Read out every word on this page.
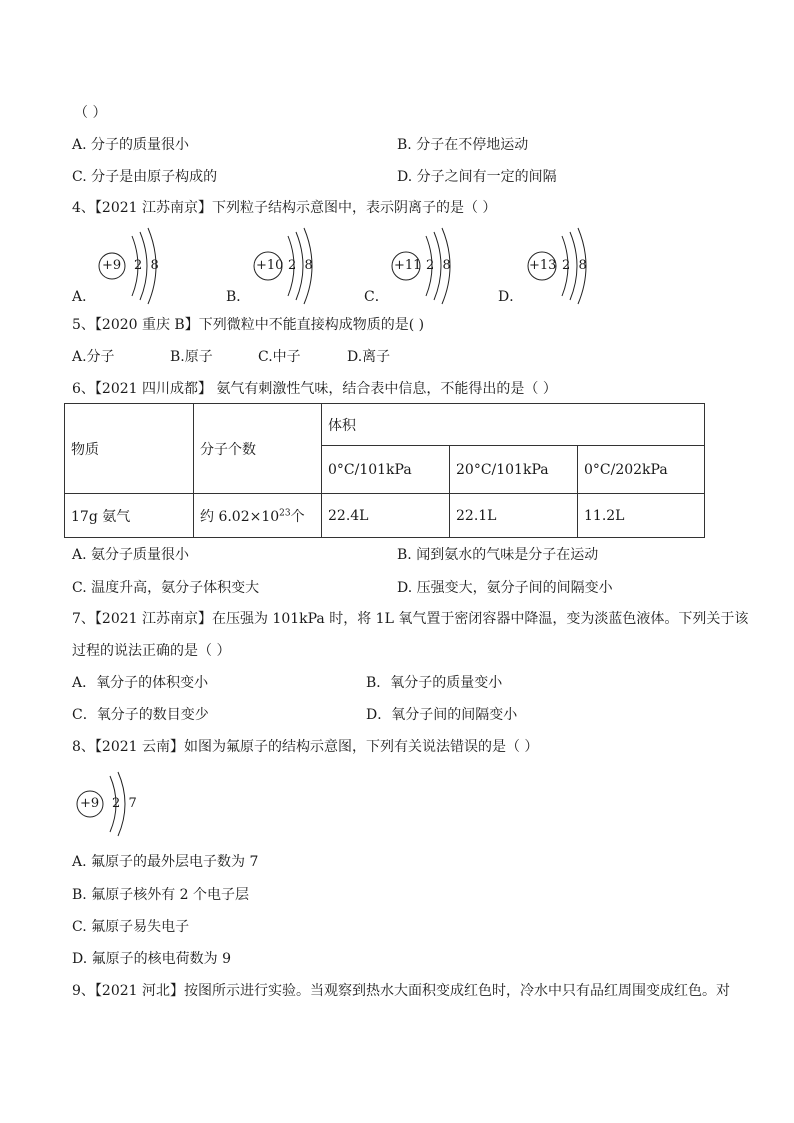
（ ）
A. 分子的质量很小	B. 分子在不停地运动
C. 分子是由原子构成的	D. 分子之间有一定的间隔
4、【2021 江苏南京】下列粒子结构示意图中，表示阴离子的是（ ）
+9 2  8
A．
+10 2  8
B．
+11 2  8
C．
+13 2  8
D．
5、【2020 重庆 B】下列微粒中不能直接构成物质的是( )
A.分子	B.原子	C.中子	D.离子
6、【2021 四川成都】 氨气有刺激性气味，结合表中信息，不能得出的是（ ）
物质	分子个数	体积		
		0°C/101kPa	20°C/101kPa	0°C/202kPa
17g 氨气	约 $6.02\times 10^{23}$个	22.4L	22.1L	11.2L
A. 氨分子质量很小	B. 闻到氨水的气味是分子在运动
C. 温度升高，氨分子体积变大	D. 压强变大，氨分子间的间隔变小
7、【2021 江苏南京】在压强为 101kPa 时，将 1L 氧气置于密闭容器中降温，变为淡蓝色液体。下列关于该
过程的说法正确的是（ ）
A．氧分子的体积变小	B．氧分子的质量变小
C．氧分子的数目变少	D．氧分子间的间隔变小
8、【2021 云南】如图为氟原子的结构示意图，下列有关说法错误的是（ ）
+9 2  7
A. 氟原子的最外层电子数为 7
B. 氟原子核外有 2 个电子层
C. 氟原子易失电子
D. 氟原子的核电荷数为 9
9、【2021 河北】按图所示进行实验。当观察到热水大面积变成红色时，冷水中只有品红周围变成红色。对
